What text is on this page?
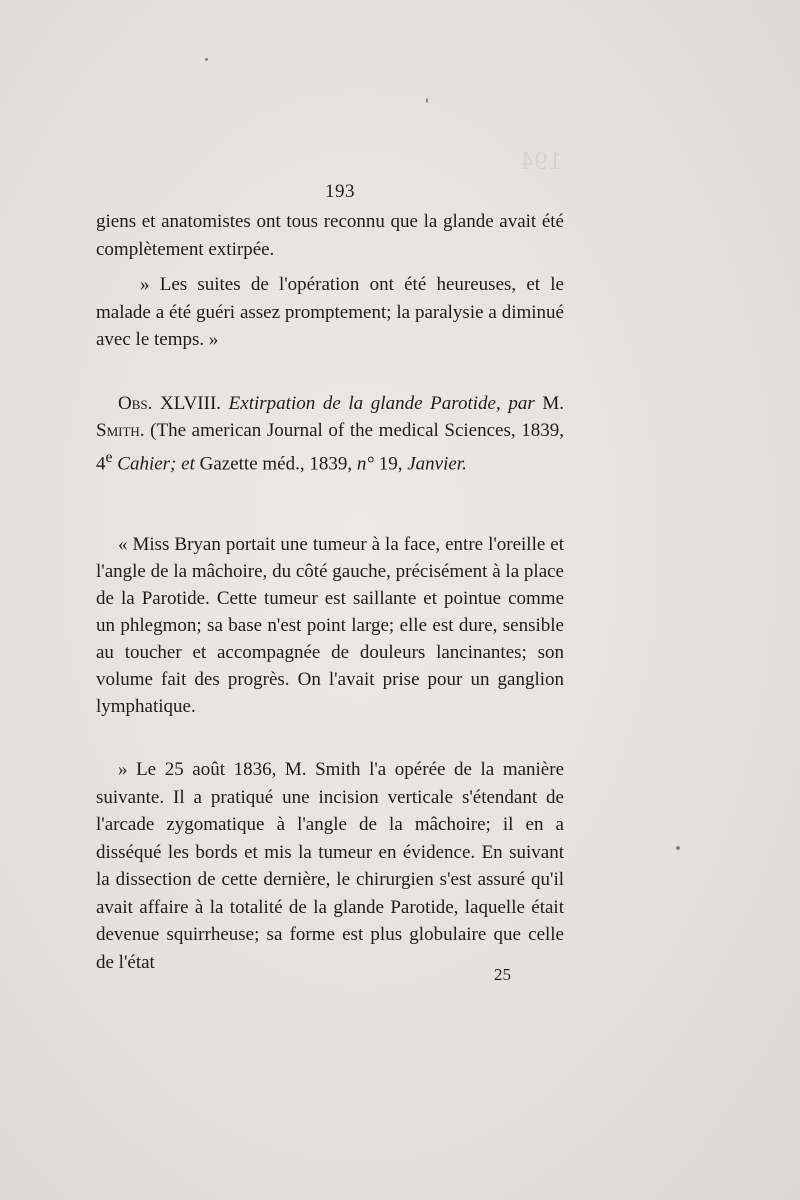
194
193

giens et anatomistes ont tous reconnu que la glande avait été complètement extirpée.

» Les suites de l'opération ont été heureuses, et le malade a été guéri assez promptement; la paralysie a diminué avec le temps. »

Obs. XLVIII. Extirpation de la glande Parotide, par M. Smith. (The american Journal of the medical Sciences, 1839, 4e Cahier; et Gazette méd., 1839, n° 19, Janvier.

« Miss Bryan portait une tumeur à la face, entre l'oreille et l'angle de la mâchoire, du côté gauche, précisément à la place de la Parotide. Cette tumeur est saillante et pointue comme un phlegmon; sa base n'est point large; elle est dure, sensible au toucher et accompagnée de douleurs lancinantes; son volume fait des progrès. On l'avait prise pour un ganglion lymphatique.

» Le 25 août 1836, M. Smith l'a opérée de la manière suivante. Il a pratiqué une incision verticale s'étendant de l'arcade zygomatique à l'angle de la mâchoire; il en a disséqué les bords et mis la tumeur en évidence. En suivant la dissection de cette dernière, le chirurgien s'est assuré qu'il avait affaire à la totalité de la glande Parotide, laquelle était devenue squirrheuse; sa forme est plus globulaire que celle de l'état

25
